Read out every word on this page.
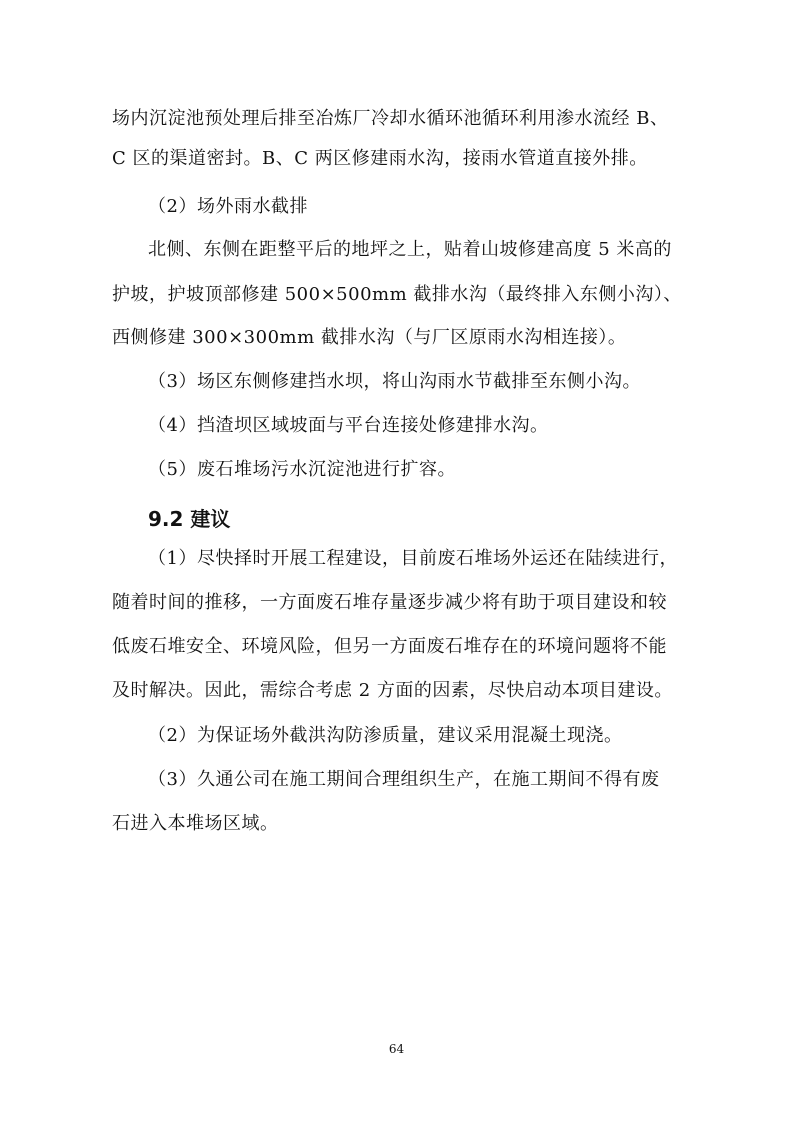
场内沉淀池预处理后排至冶炼厂冷却水循环池循环利用渗水流经 B、
C 区的渠道密封。B、C 两区修建雨水沟，接雨水管道直接外排。
（2）场外雨水截排
北侧、东侧在距整平后的地坪之上，贴着山坡修建高度 5 米高的
护坡，护坡顶部修建 500×500mm 截排水沟（最终排入东侧小沟）、
西侧修建 300×300mm 截排水沟（与厂区原雨水沟相连接）。
（3）场区东侧修建挡水坝，将山沟雨水节截排至东侧小沟。
（4）挡渣坝区域坡面与平台连接处修建排水沟。
（5）废石堆场污水沉淀池进行扩容。
9.2 建议
（1）尽快择时开展工程建设，目前废石堆场外运还在陆续进行，
随着时间的推移，一方面废石堆存量逐步减少将有助于项目建设和较
低废石堆安全、环境风险，但另一方面废石堆存在的环境问题将不能
及时解决。因此，需综合考虑 2 方面的因素，尽快启动本项目建设。
（2）为保证场外截洪沟防渗质量，建议采用混凝土现浇。
（3）久通公司在施工期间合理组织生产，在施工期间不得有废
石进入本堆场区域。
64
